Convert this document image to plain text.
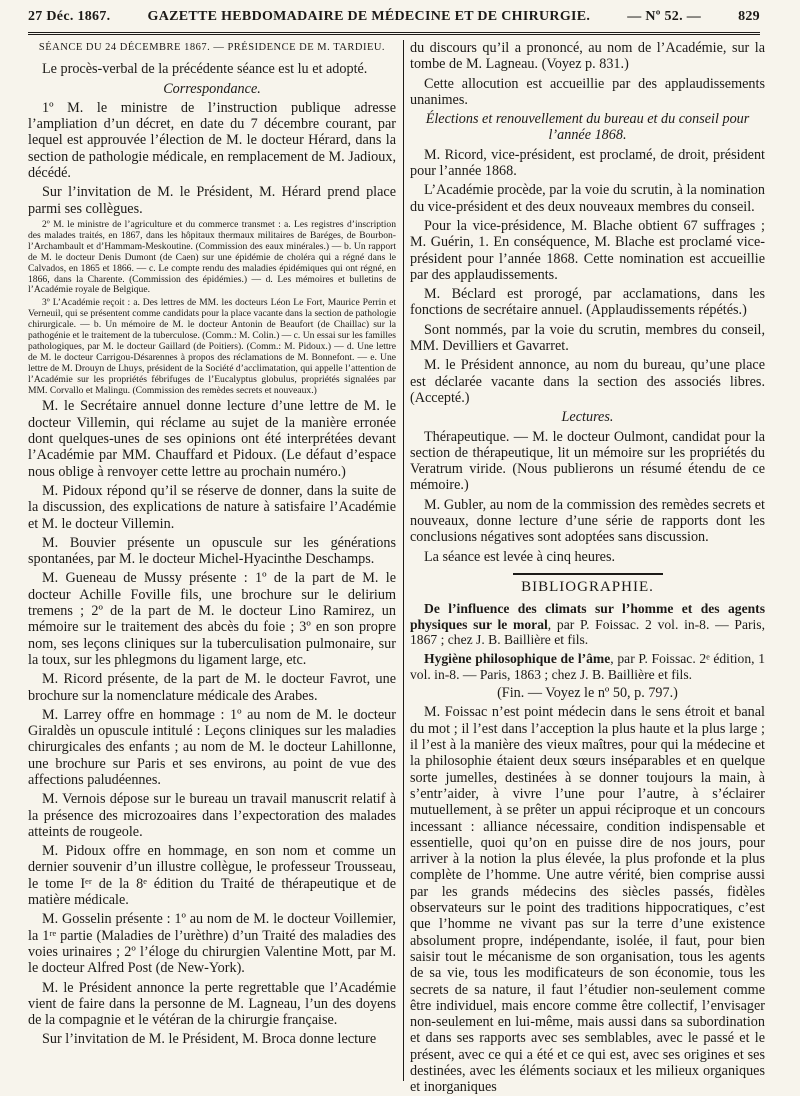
27 Déc. 1867.	GAZETTE HEBDOMADAIRE DE MÉDECINE ET DE CHIRURGIE.	— Nº 52. —	829

SÉANCE DU 24 DÉCEMBRE 1867. — PRÉSIDENCE DE M. TARDIEU.

Le procès-verbal de la précédente séance est lu et adopté.

Correspondance.

1º M. le ministre de l’instruction publique adresse l’ampliation d’un décret, en date du 7 décembre courant, par lequel est approuvée l’élection de M. le docteur Hérard, dans la section de pathologie médicale, en remplacement de M. Jadioux, décédé.

Sur l’invitation de M. le Président, M. Hérard prend place parmi ses collègues.

2º M. le ministre de l’agriculture et du commerce transmet : a. Les registres d’inscription des malades traités, en 1867, dans les hôpitaux thermaux militaires de Baréges, de Bourbon-l’Archambault et d’Hammam-Meskoutine. (Commission des eaux minérales.) — b. Un rapport de M. le docteur Denis Dumont (de Caen) sur une épidémie de choléra qui a régné dans le Calvados, en 1865 et 1866. — c. Le compte rendu des maladies épidémiques qui ont régné, en 1866, dans la Charente. (Commission des épidémies.) — d. Les mémoires et bulletins de l’Académie royale de Belgique.

3º L’Académie reçoit : a. Des lettres de MM. les docteurs Léon Le Fort, Maurice Perrin et Verneuil, qui se présentent comme candidats pour la place vacante dans la section de pathologie chirurgicale. — b. Un mémoire de M. le docteur Antonin de Beaufort (de Chaillac) sur la pathogénie et le traitement de la tuberculose. (Comm.: M. Colin.) — c. Un essai sur les familles pathologiques, par M. le docteur Gaillard (de Poitiers). (Comm.: M. Pidoux.) — d. Une lettre de M. le docteur Carrigou-Désarennes à propos des réclamations de M. Bonnefont. — e. Une lettre de M. Drouyn de Lhuys, président de la Société d’acclimatation, qui appelle l’attention de l’Académie sur les propriétés fébrifuges de l’Eucalyptus globulus, propriétés signalées par MM. Corvallo et Malingu. (Commission des remèdes secrets et nouveaux.)

M. le Secrétaire annuel donne lecture d’une lettre de M. le docteur Villemin, qui réclame au sujet de la manière erronée dont quelques-unes de ses opinions ont été interprétées devant l’Académie par MM. Chauffard et Pidoux. (Le défaut d’espace nous oblige à renvoyer cette lettre au prochain numéro.)

M. Pidoux répond qu’il se réserve de donner, dans la suite de la discussion, des explications de nature à satisfaire l’Académie et M. le docteur Villemin.

M. Bouvier présente un opuscule sur les générations spontanées, par M. le docteur Michel-Hyacinthe Deschamps.

M. Gueneau de Mussy présente : 1º de la part de M. le docteur Achille Foville fils, une brochure sur le delirium tremens ; 2º de la part de M. le docteur Lino Ramirez, un mémoire sur le traitement des abcès du foie ; 3º en son propre nom, ses leçons cliniques sur la tuberculisation pulmonaire, sur la toux, sur les phlegmons du ligament large, etc.

M. Ricord présente, de la part de M. le docteur Favrot, une brochure sur la nomenclature médicale des Arabes.

M. Larrey offre en hommage : 1º au nom de M. le docteur Giraldès un opuscule intitulé : Leçons cliniques sur les maladies chirurgicales des enfants ; au nom de M. le docteur Lahillonne, une brochure sur Paris et ses environs, au point de vue des affections paludéennes.

M. Vernois dépose sur le bureau un travail manuscrit relatif à la présence des microzoaires dans l’expectoration des malades atteints de rougeole.

M. Pidoux offre en hommage, en son nom et comme un dernier souvenir d’un illustre collègue, le professeur Trousseau, le tome Iᵉʳ de la 8ᵉ édition du Traité de thérapeutique et de matière médicale.

M. Gosselin présente : 1º au nom de M. le docteur Voillemier, la 1ʳᵉ partie (Maladies de l’urèthre) d’un Traité des maladies des voies urinaires ; 2º l’éloge du chirurgien Valentine Mott, par M. le docteur Alfred Post (de New-York).

M. le Président annonce la perte regrettable que l’Académie vient de faire dans la personne de M. Lagneau, l’un des doyens de la compagnie et le vétéran de la chirurgie française.

Sur l’invitation de M. le Président, M. Broca donne lecture

du discours qu’il a prononcé, au nom de l’Académie, sur la tombe de M. Lagneau. (Voyez p. 831.)

Cette allocution est accueillie par des applaudissements unanimes.

Élections et renouvellement du bureau et du conseil pour l’année 1868.

M. Ricord, vice-président, est proclamé, de droit, président pour l’année 1868.

L’Académie procède, par la voie du scrutin, à la nomination du vice-président et des deux nouveaux membres du conseil.

Pour la vice-présidence, M. Blache obtient 67 suffrages ; M. Guérin, 1. En conséquence, M. Blache est proclamé vice-président pour l’année 1868. Cette nomination est accueillie par des applaudissements.

M. Béclard est prorogé, par acclamations, dans les fonctions de secrétaire annuel. (Applaudissements répétés.)

Sont nommés, par la voie du scrutin, membres du conseil, MM. Devilliers et Gavarret.

M. le Président annonce, au nom du bureau, qu’une place est déclarée vacante dans la section des associés libres. (Accepté.)

Lectures.

Thérapeutique. — M. le docteur Oulmont, candidat pour la section de thérapeutique, lit un mémoire sur les propriétés du Veratrum viride. (Nous publierons un résumé étendu de ce mémoire.)

M. Gubler, au nom de la commission des remèdes secrets et nouveaux, donne lecture d’une série de rapports dont les conclusions négatives sont adoptées sans discussion.

La séance est levée à cinq heures.

BIBLIOGRAPHIE.

De l’influence des climats sur l’homme et des agents physiques sur le moral, par P. Foissac. 2 vol. in-8. — Paris, 1867 ; chez J. B. Baillière et fils.

Hygiène philosophique de l’âme, par P. Foissac. 2ᵉ édition, 1 vol. in-8. — Paris, 1863 ; chez J. B. Baillière et fils.

(Fin. — Voyez le nº 50, p. 797.)

M. Foissac n’est point médecin dans le sens étroit et banal du mot ; il l’est dans l’acception la plus haute et la plus large ; il l’est à la manière des vieux maîtres, pour qui la médecine et la philosophie étaient deux sœurs inséparables et en quelque sorte jumelles, destinées à se donner toujours la main, à s’entr’aider, à vivre l’une pour l’autre, à s’éclairer mutuellement, à se prêter un appui réciproque et un concours incessant : alliance nécessaire, condition indispensable et essentielle, quoi qu’on en puisse dire de nos jours, pour arriver à la notion la plus élevée, la plus profonde et la plus complète de l’homme. Une autre vérité, bien comprise aussi par les grands médecins des siècles passés, fidèles observateurs sur le point des traditions hippocratiques, c’est que l’homme ne vivant pas sur la terre d’une existence absolument propre, indépendante, isolée, il faut, pour bien saisir tout le mécanisme de son organisation, tous les agents de sa vie, tous les modificateurs de son économie, tous les secrets de sa nature, il faut l’étudier non-seulement comme être individuel, mais encore comme être collectif, l’envisager non-seulement en lui-même, mais aussi dans sa subordination et dans ses rapports avec ses semblables, avec le passé et le présent, avec ce qui a été et ce qui est, avec ses origines et ses destinées, avec les éléments sociaux et les milieux organiques et inorganiques
